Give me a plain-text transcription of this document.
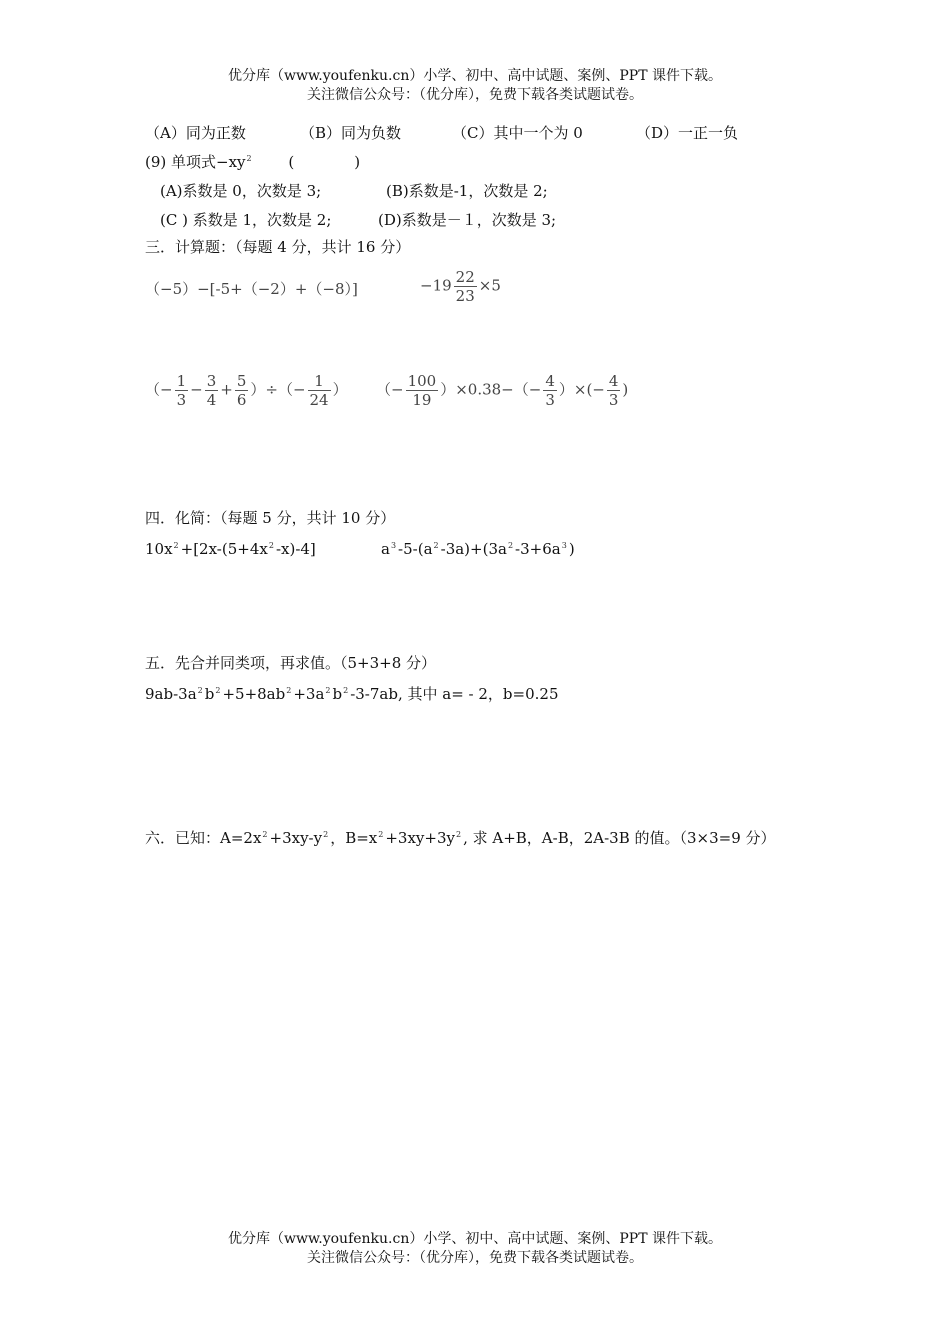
优分库（www.youfenku.cn）小学、初中、高中试题、案例、PPT 课件下载。
关注微信公众号：（优分库），免费下载各类试题试卷。
（A）同为正数	（B）同为负数	（C）其中一个为 0	（D）一正一负
(9) 单项式$-xy^2$ (　　　　)
(A)系数是 0，次数是 3;	(B)系数是-1，次数是 2;
(C ) 系数是 1，次数是 2;	(D)系数是－１，次数是 3;
三．计算题：（每题 4 分，共计 16 分）
（−5）−[-5+（−2）+（−8）]	$-19 \frac{22}{23} \times 5$
（− $\frac{1}{3} - \frac{3}{4} + \frac{5}{6}$ ）÷（− $\frac{1}{24}$ ） （− $\frac{100}{19} )\times 0.38-(- \frac{4}{3}$ ）×(− $\frac{4}{3}$ )
四．化简：（每题 5 分，共计 10 分）
$10x^2 +[2x-(5+4x^2$ -x)-4]	$a^3$ $-5-(a^2$ $-3a)+(3a^2$ $-3+6a^3$ )
五．先合并同类项，再求值。（5+3+8 分）
$9ab-3a^2$ $b^2 +5+8ab^2 +3a^2$ $b^2$ -3-7ab, 其中 a= - 2，b=0.25
六．已知：$A=2x^2 +3xy-y^2$ ，$B=x^2 +3xy+3y^2$ , 求 A+B，A-B，2A-3B 的值。（3×3=9 分）
优分库（www.youfenku.cn）小学、初中、高中试题、案例、PPT 课件下载。
关注微信公众号：（优分库），免费下载各类试题试卷。
